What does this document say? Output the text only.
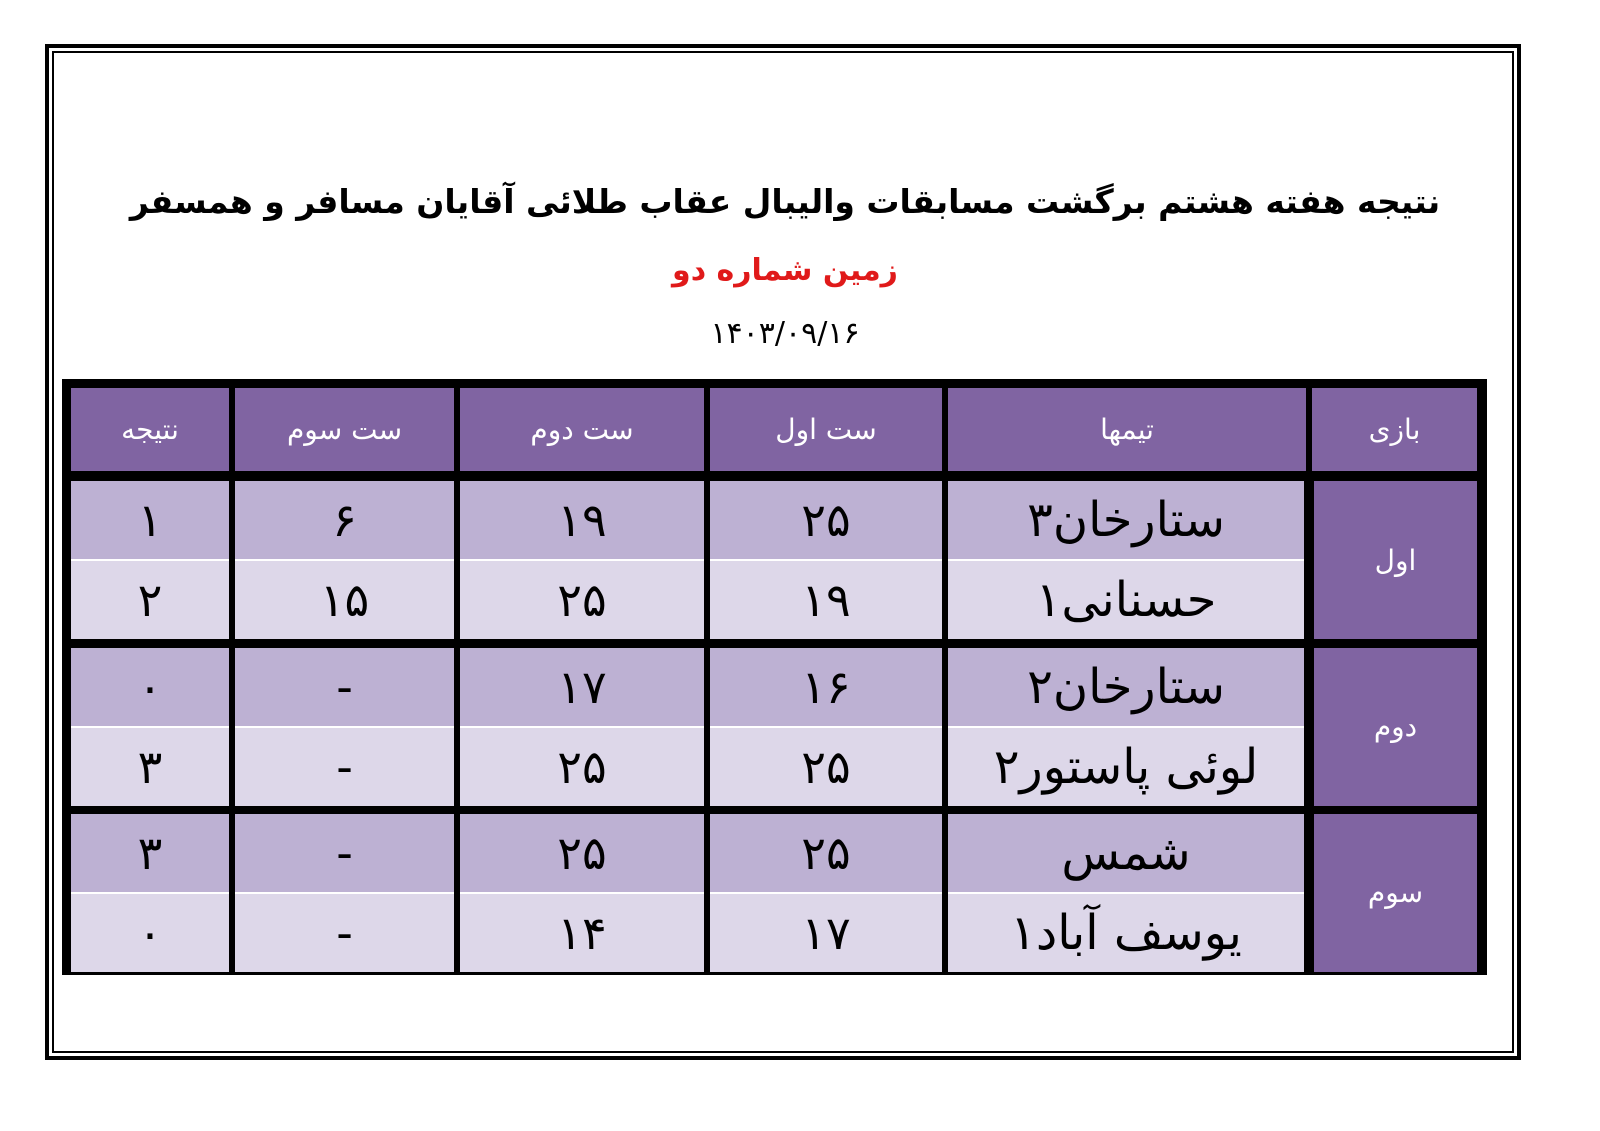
نتیجه هفته هشتم برگشت مسابقات والیبال عقاب طلائی آقایان مسافر و همسفر
زمین شماره دو
۱۴۰۳/۰۹/۱۶
بازی	تیمها	ست اول	ست دوم	ست سوم	نتیجه

اول	ستارخان۳	۲۵	۱۹	۶	۱
	حسنانی۱	۱۹	۲۵	۱۵	۲

دوم	ستارخان۲	۱۶	۱۷	-	۰
	لوئی پاستور۲	۲۵	۲۵	-	۳

سوم	شمس	۲۵	۲۵	-	۳
	یوسف آباد۱	۱۷	۱۴	-	۰
